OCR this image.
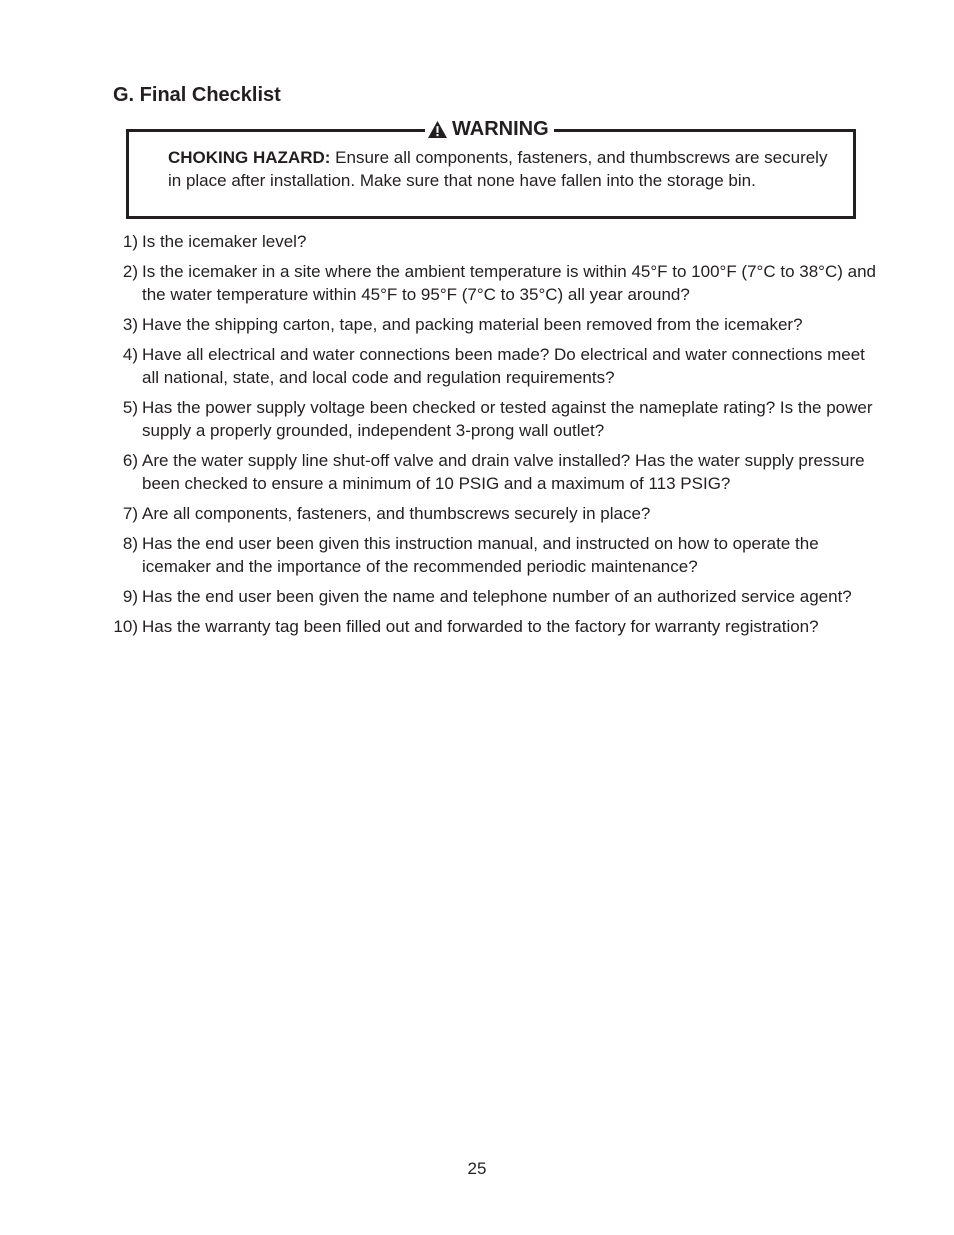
G. Final Checklist
WARNING

CHOKING HAZARD: Ensure all components, fasteners, and thumbscrews are securely in place after installation. Make sure that none have fallen into the storage bin.

1) Is the icemaker level?
2) Is the icemaker in a site where the ambient temperature is within 45°F to 100°F (7°C to 38°C) and the water temperature within 45°F to 95°F (7°C to 35°C) all year around?
3) Have the shipping carton, tape, and packing material been removed from the icemaker?
4) Have all electrical and water connections been made? Do electrical and water connections meet all national, state, and local code and regulation requirements?
5) Has the power supply voltage been checked or tested against the nameplate rating? Is the power supply a properly grounded, independent 3-prong wall outlet?
6) Are the water supply line shut-off valve and drain valve installed? Has the water supply pressure been checked to ensure a minimum of 10 PSIG and a maximum of 113 PSIG?
7) Are all components, fasteners, and thumbscrews securely in place?
8) Has the end user been given this instruction manual, and instructed on how to operate the icemaker and the importance of the recommended periodic maintenance?
9) Has the end user been given the name and telephone number of an authorized service agent?
10) Has the warranty tag been filled out and forwarded to the factory for warranty registration?
25
